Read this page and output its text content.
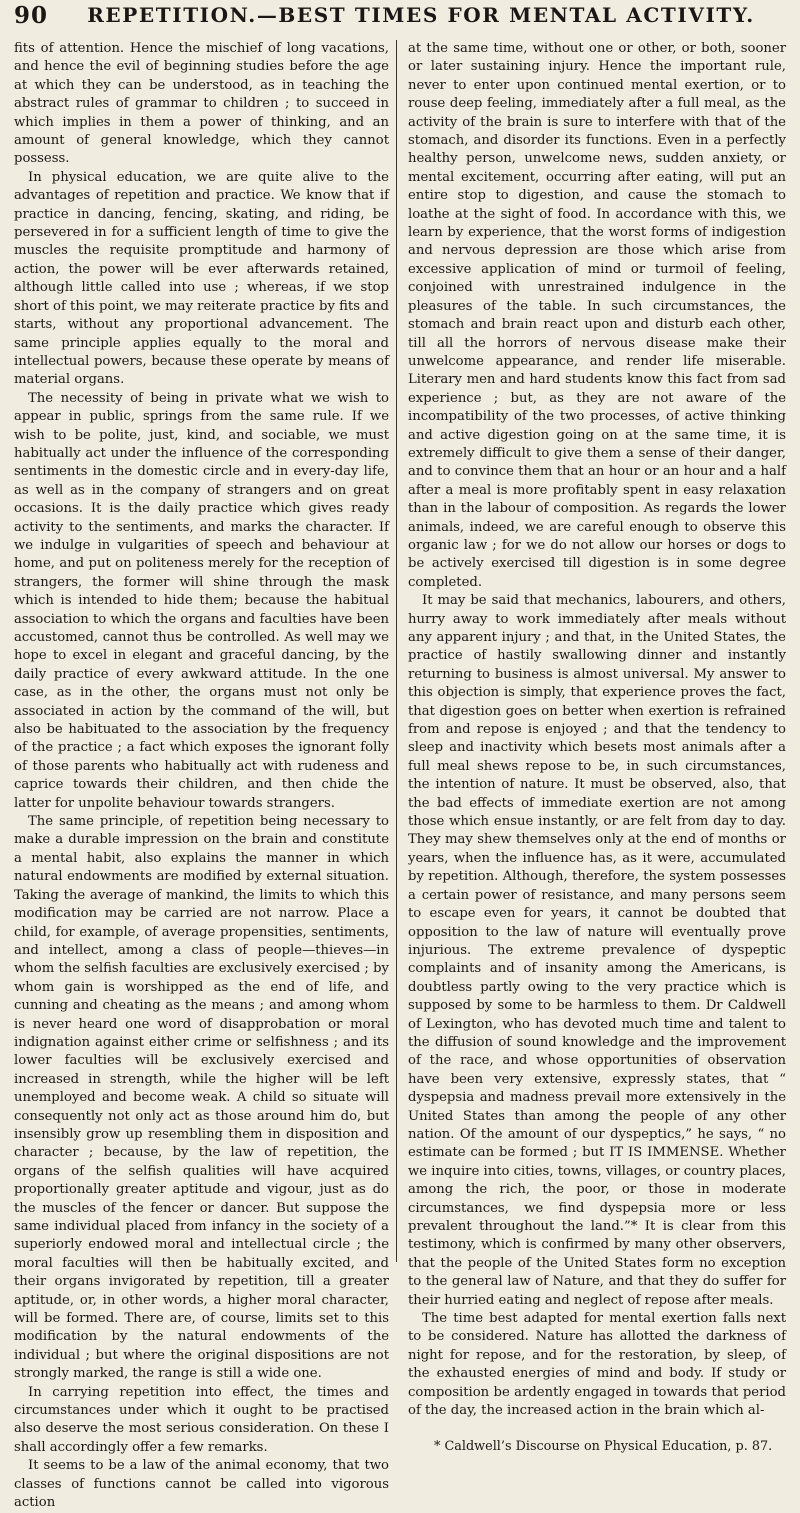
90	REPETITION.—BEST TIMES FOR MENTAL ACTIVITY.

fits of attention. Hence the mischief of long vacations, and hence the evil of beginning studies before the age at which they can be understood, as in teaching the abstract rules of grammar to children ; to succeed in which implies in them a power of thinking, and an amount of general knowledge, which they cannot possess.

In physical education, we are quite alive to the advantages of repetition and practice. We know that if practice in dancing, fencing, skating, and riding, be persevered in for a sufficient length of time to give the muscles the requisite promptitude and harmony of action, the power will be ever afterwards retained, although little called into use ; whereas, if we stop short of this point, we may reiterate practice by fits and starts, without any proportional advancement. The same principle applies equally to the moral and intellectual powers, because these operate by means of material organs.

The necessity of being in private what we wish to appear in public, springs from the same rule. If we wish to be polite, just, kind, and sociable, we must habitually act under the influence of the corresponding sentiments in the domestic circle and in every-day life, as well as in the company of strangers and on great occasions. It is the daily practice which gives ready activity to the sentiments, and marks the character. If we indulge in vulgarities of speech and behaviour at home, and put on politeness merely for the reception of strangers, the former will shine through the mask which is intended to hide them; because the habitual association to which the organs and faculties have been accustomed, cannot thus be controlled. As well may we hope to excel in elegant and graceful dancing, by the daily practice of every awkward attitude. In the one case, as in the other, the organs must not only be associated in action by the command of the will, but also be habituated to the association by the frequency of the practice ; a fact which exposes the ignorant folly of those parents who habitually act with rudeness and caprice towards their children, and then chide the latter for unpolite behaviour towards strangers.

The same principle, of repetition being necessary to make a durable impression on the brain and constitute a mental habit, also explains the manner in which natural endowments are modified by external situation. Taking the average of mankind, the limits to which this modification may be carried are not narrow. Place a child, for example, of average propensities, sentiments, and intellect, among a class of people—thieves—in whom the selfish faculties are exclusively exercised ; by whom gain is worshipped as the end of life, and cunning and cheating as the means ; and among whom is never heard one word of disapprobation or moral indignation against either crime or selfishness ; and its lower faculties will be exclusively exercised and increased in strength, while the higher will be left unemployed and become weak. A child so situate will consequently not only act as those around him do, but insensibly grow up resembling them in disposition and character ; because, by the law of repetition, the organs of the selfish qualities will have acquired proportionally greater aptitude and vigour, just as do the muscles of the fencer or dancer. But suppose the same individual placed from infancy in the society of a superiorly endowed moral and intellectual circle ; the moral faculties will then be habitually excited, and their organs invigorated by repetition, till a greater aptitude, or, in other words, a higher moral character, will be formed. There are, of course, limits set to this modification by the natural endowments of the individual ; but where the original dispositions are not strongly marked, the range is still a wide one.

In carrying repetition into effect, the times and circumstances under which it ought to be practised also deserve the most serious consideration. On these I shall accordingly offer a few remarks.

It seems to be a law of the animal economy, that two classes of functions cannot be called into vigorous action

at the same time, without one or other, or both, sooner or later sustaining injury. Hence the important rule, never to enter upon continued mental exertion, or to rouse deep feeling, immediately after a full meal, as the activity of the brain is sure to interfere with that of the stomach, and disorder its functions. Even in a perfectly healthy person, unwelcome news, sudden anxiety, or mental excitement, occurring after eating, will put an entire stop to digestion, and cause the stomach to loathe at the sight of food. In accordance with this, we learn by experience, that the worst forms of indigestion and nervous depression are those which arise from excessive application of mind or turmoil of feeling, conjoined with unrestrained indulgence in the pleasures of the table. In such circumstances, the stomach and brain react upon and disturb each other, till all the horrors of nervous disease make their unwelcome appearance, and render life miserable. Literary men and hard students know this fact from sad experience ; but, as they are not aware of the incompatibility of the two processes, of active thinking and active digestion going on at the same time, it is extremely difficult to give them a sense of their danger, and to convince them that an hour or an hour and a half after a meal is more profitably spent in easy relaxation than in the labour of composition. As regards the lower animals, indeed, we are careful enough to observe this organic law ; for we do not allow our horses or dogs to be actively exercised till digestion is in some degree completed.

It may be said that mechanics, labourers, and others, hurry away to work immediately after meals without any apparent injury ; and that, in the United States, the practice of hastily swallowing dinner and instantly returning to business is almost universal. My answer to this objection is simply, that experience proves the fact, that digestion goes on better when exertion is refrained from and repose is enjoyed ; and that the tendency to sleep and inactivity which besets most animals after a full meal shews repose to be, in such circumstances, the intention of nature. It must be observed, also, that the bad effects of immediate exertion are not among those which ensue instantly, or are felt from day to day. They may shew themselves only at the end of months or years, when the influence has, as it were, accumulated by repetition. Although, therefore, the system possesses a certain power of resistance, and many persons seem to escape even for years, it cannot be doubted that opposition to the law of nature will eventually prove injurious. The extreme prevalence of dyspeptic complaints and of insanity among the Americans, is doubtless partly owing to the very practice which is supposed by some to be harmless to them. Dr Caldwell of Lexington, who has devoted much time and talent to the diffusion of sound knowledge and the improvement of the race, and whose opportunities of observation have been very extensive, expressly states, that “ dyspepsia and madness prevail more extensively in the United States than among the people of any other nation. Of the amount of our dyspeptics,” he says, “ no estimate can be formed ; but IT IS IMMENSE. Whether we inquire into cities, towns, villages, or country places, among the rich, the poor, or those in moderate circumstances, we find dyspepsia more or less prevalent throughout the land.”* It is clear from this testimony, which is confirmed by many other observers, that the people of the United States form no exception to the general law of Nature, and that they do suffer for their hurried eating and neglect of repose after meals.

The time best adapted for mental exertion falls next to be considered. Nature has allotted the darkness of night for repose, and for the restoration, by sleep, of the exhausted energies of mind and body. If study or composition be ardently engaged in towards that period of the day, the increased action in the brain which al-

* Caldwell’s Discourse on Physical Education, p. 87.
